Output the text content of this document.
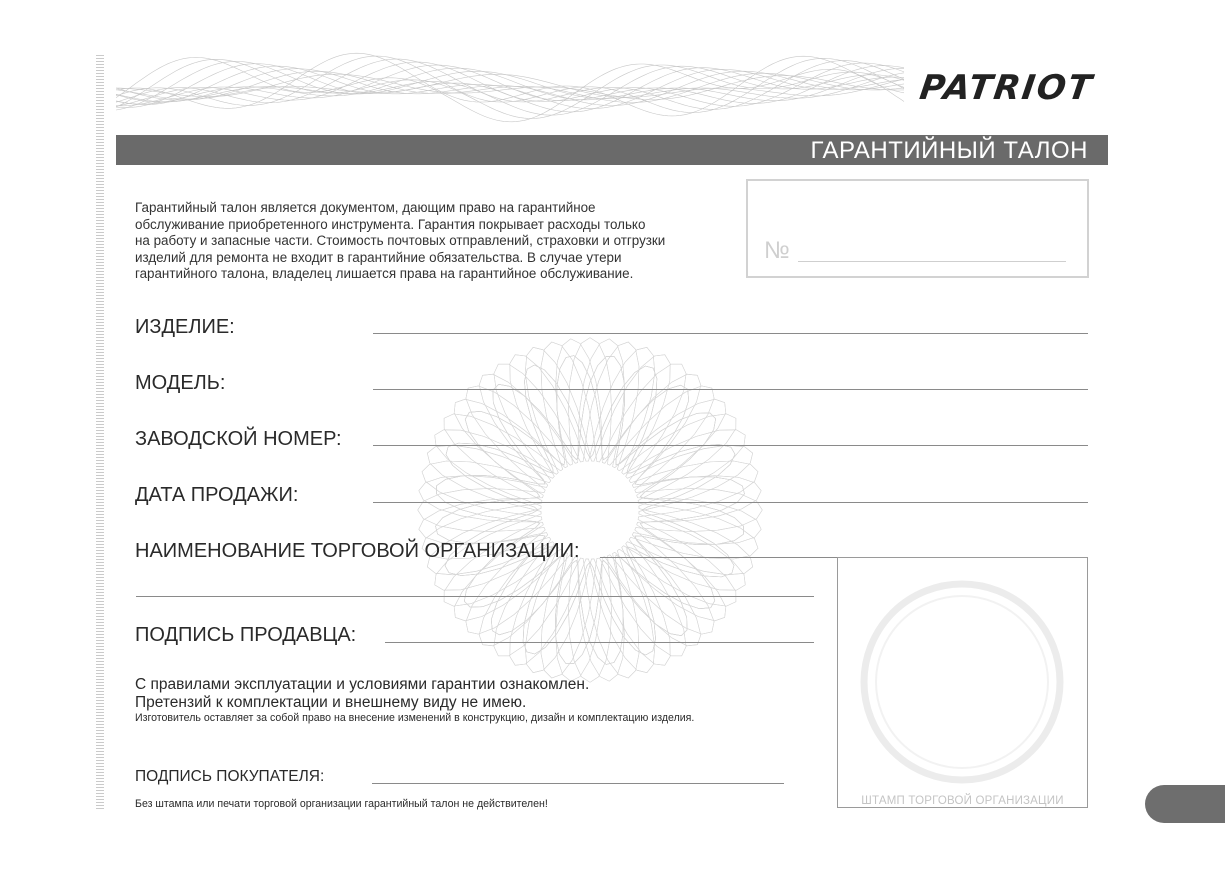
PATRIOT
ГАРАНТИЙНЫЙ ТАЛОН
Гарантийный талон является документом, дающим право на гарантийное
обслуживание приобретенного инструмента. Гарантия покрывает расходы только
на работу и запасные части. Стоимость почтовых отправлений, страховки и отгрузки
изделий для ремонта не входит в гарантийние обязательства. В случае утери
гарантийного талона, владелец лишается права на гарантийное обслуживание.
№
ИЗДЕЛИЕ:
МОДЕЛЬ:
ЗАВОДСКОЙ НОМЕР:
ДАТА ПРОДАЖИ:
НАИМЕНОВАНИЕ ТОРГОВОЙ ОРГАНИЗАЦИИ:
ПОДПИСЬ ПРОДАВЦА:
С правилами эксплуатации и условиями гарантии ознакомлен.
Претензий к комплектации и внешнему виду не имею.
Изготовитель оставляет за собой право на внесение изменений в конструкцию, дизайн и комплектацию изделия.
ПОДПИСЬ ПОКУПАТЕЛЯ:
Без штампа или печати торговой организации гарантийный талон не действителен!	ШТАМП ТОРГОВОЙ ОРГАНИЗАЦИИ
